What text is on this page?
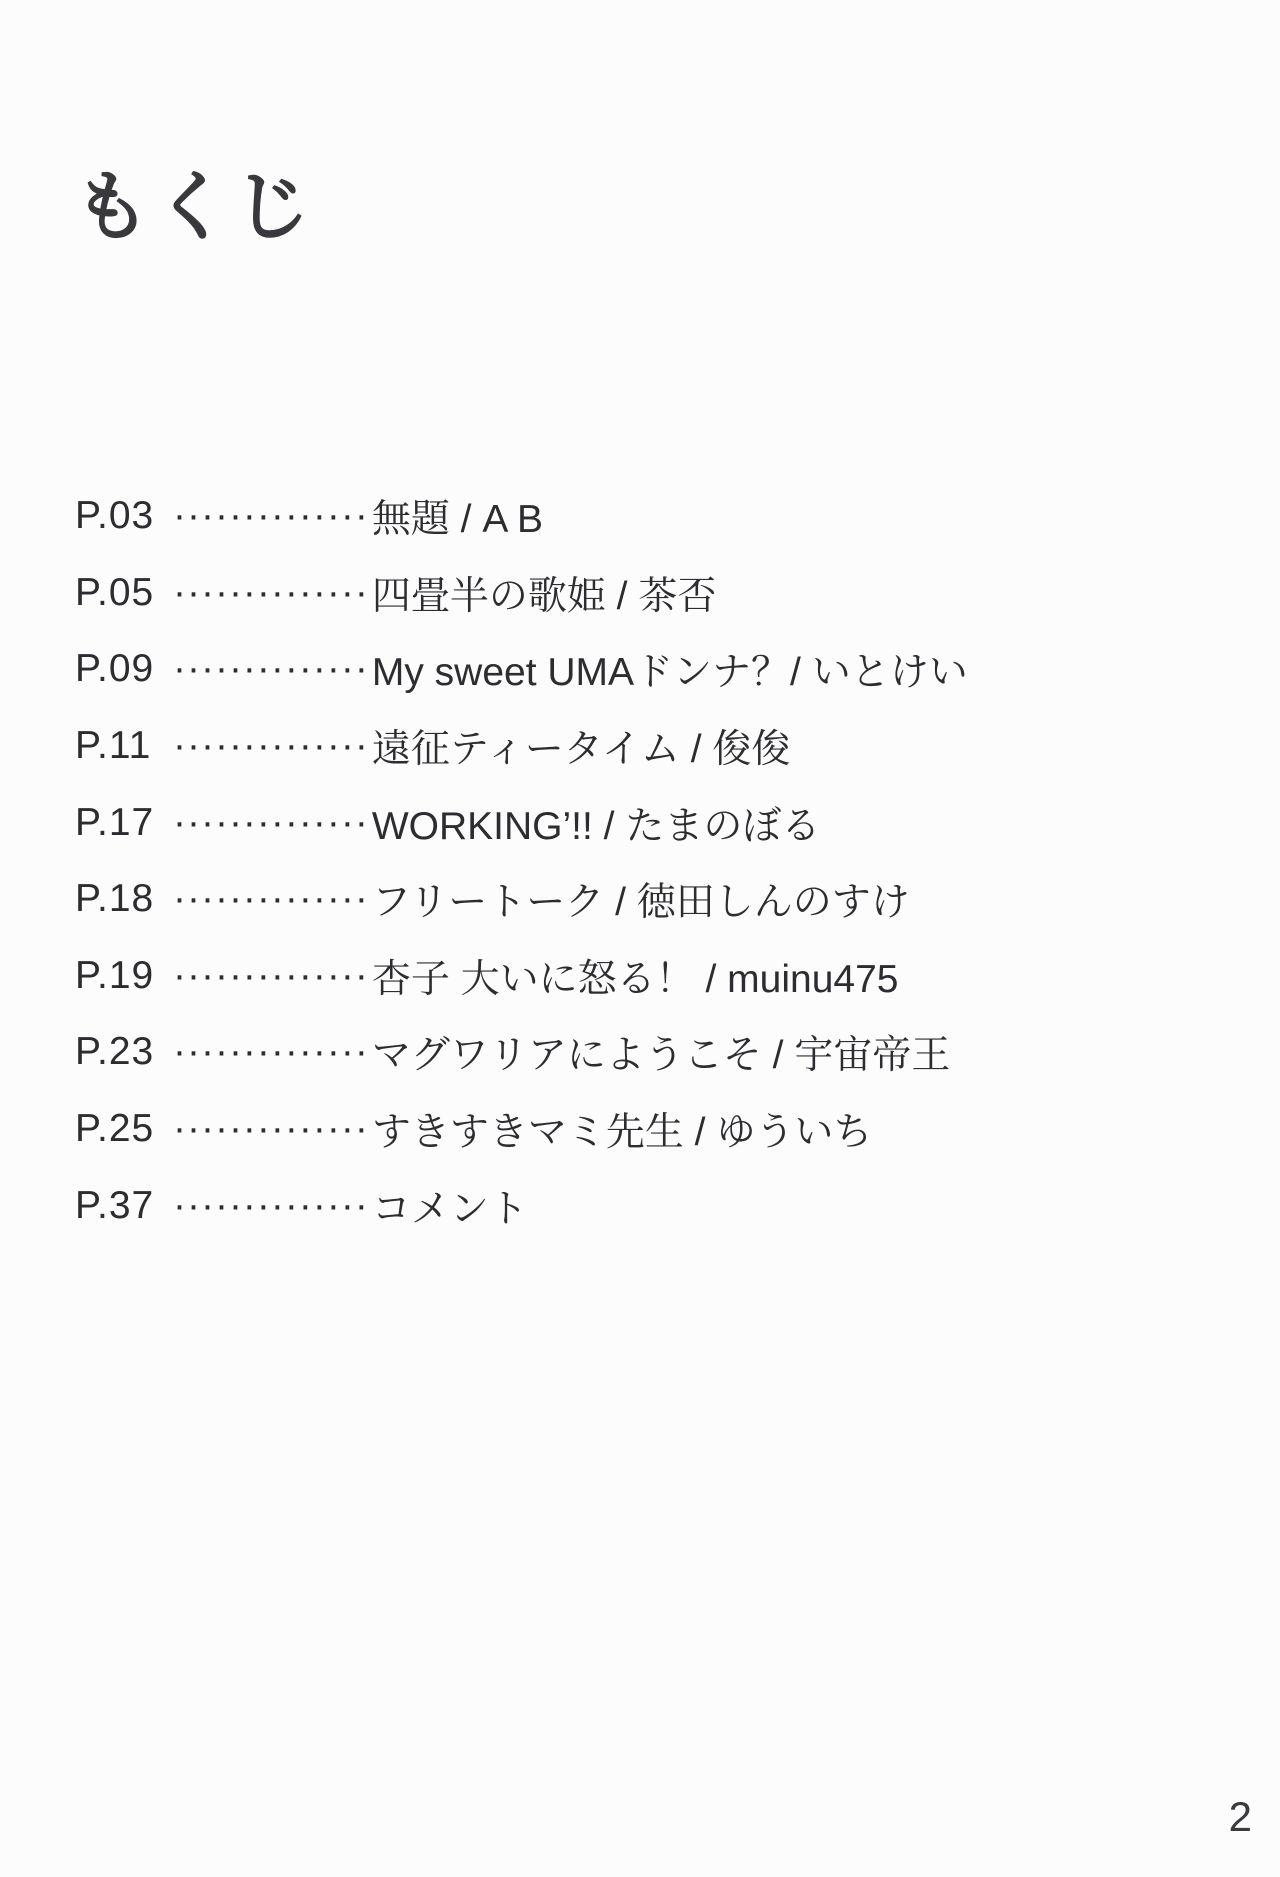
もくじ
P.03 ·············· 無題 / A B
P.05 ·············· 四畳半の歌姫 / 茶否
P.09 ·············· My sweet UMAドンナ？/ いとけい
P.11 ·············· 遠征ティータイム / 俊俊
P.17 ·············· WORKING’!! / たまのぼる
P.18 ·············· フリートーク / 徳田しんのすけ
P.19 ·············· 杏子 大いに怒る！ / muinu475
P.23 ·············· マグワリアにようこそ / 宇宙帝王
P.25 ·············· すきすきマミ先生 / ゆういち
P.37 ·············· コメント
2
